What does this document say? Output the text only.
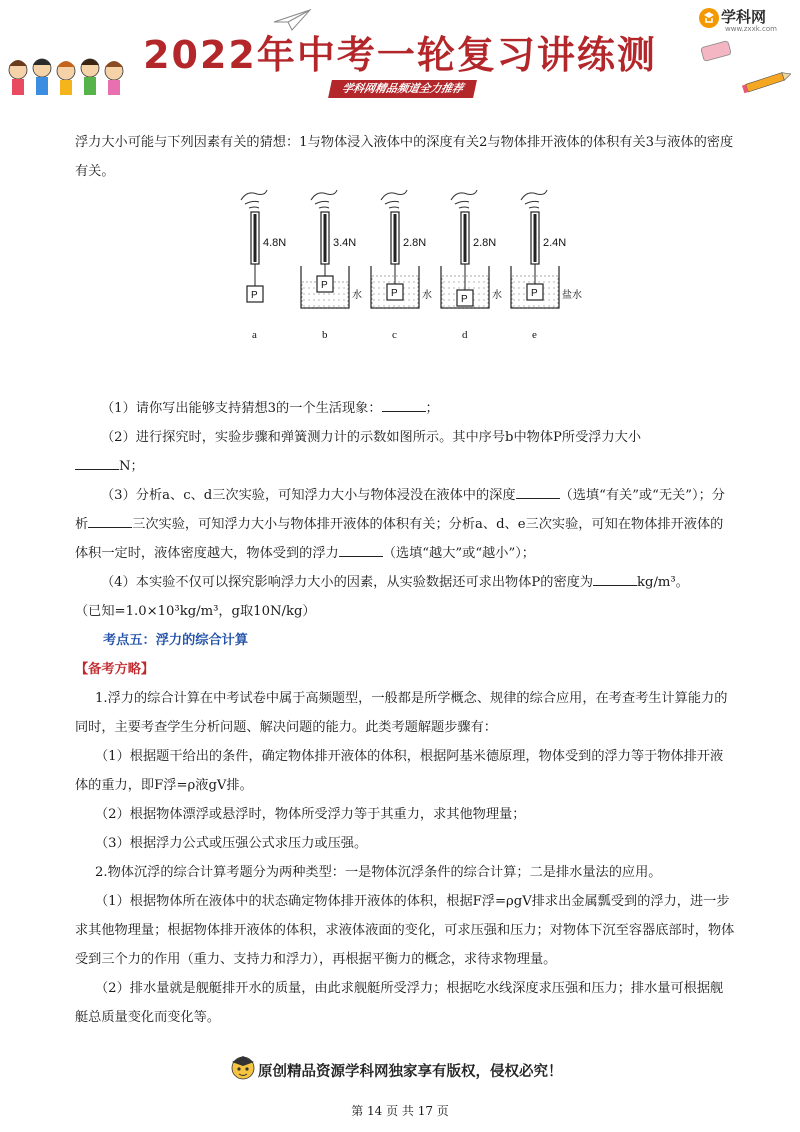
2022年中考一轮复习讲练测
学科网精品频道全力推荐
学科网
www.zxxk.com

浮力大小可能与下列因素有关的猜想：1与物体浸入液体中的深度有关2与物体排开液体的体积有关3与液体的密度有关。

4.8N
P
a
3.4N
水
P
b
2.8N
水
P
c
2.8N
水
P
d
2.4N
盐水
P
e

（1）请你写出能够支持猜想3的一个生活现象：	；

（2）进行探究时，实验步骤和弹簧测力计的示数如图所示。其中序号b中物体P所受浮力大小
N；

（3）分析a、c、d三次实验，可知浮力大小与物体浸没在液体中的深度	（选填“有关”或“无关”）；分析	三次实验，可知浮力大小与物体排开液体的体积有关；分析a、d、e三次实验，可知在物体排开液体的体积一定时，液体密度越大，物体受到的浮力	（选填“越大”或“越小”）；

（4）本实验不仅可以探究影响浮力大小的因素，从实验数据还可求出物体P的密度为	kg/m³。

（已知=1.0×10³kg/m³，g取10N/kg）

考点五：浮力的综合计算

【备考方略】

1.浮力的综合计算在中考试卷中属于高频题型，一般都是所学概念、规律的综合应用，在考查考生计算能力的同时，主要考查学生分析问题、解决问题的能力。此类考题解题步骤有：

（1）根据题干给出的条件，确定物体排开液体的体积，根据阿基米德原理，物体受到的浮力等于物体排开液体的重力，即F浮=ρ液gV排。

（2）根据物体漂浮或悬浮时，物体所受浮力等于其重力，求其他物理量；

（3）根据浮力公式或压强公式求压力或压强。

2.物体沉浮的综合计算考题分为两种类型：一是物体沉浮条件的综合计算；二是排水量法的应用。

（1）根据物体所在液体中的状态确定物体排开液体的体积，根据F浮=ρgV排求出金属瓢受到的浮力，进一步求其他物理量；根据物体排开液体的体积，求液体液面的变化，可求压强和压力；对物体下沉至容器底部时，物体受到三个力的作用（重力、支持力和浮力），再根据平衡力的概念，求待求物理量。

（2）排水量就是舰艇排开水的质量，由此求舰艇所受浮力；根据吃水线深度求压强和压力；排水量可根据舰艇总质量变化而变化等。

原创精品资源学科网独家享有版权，侵权必究！
第 14 页 共 17 页
